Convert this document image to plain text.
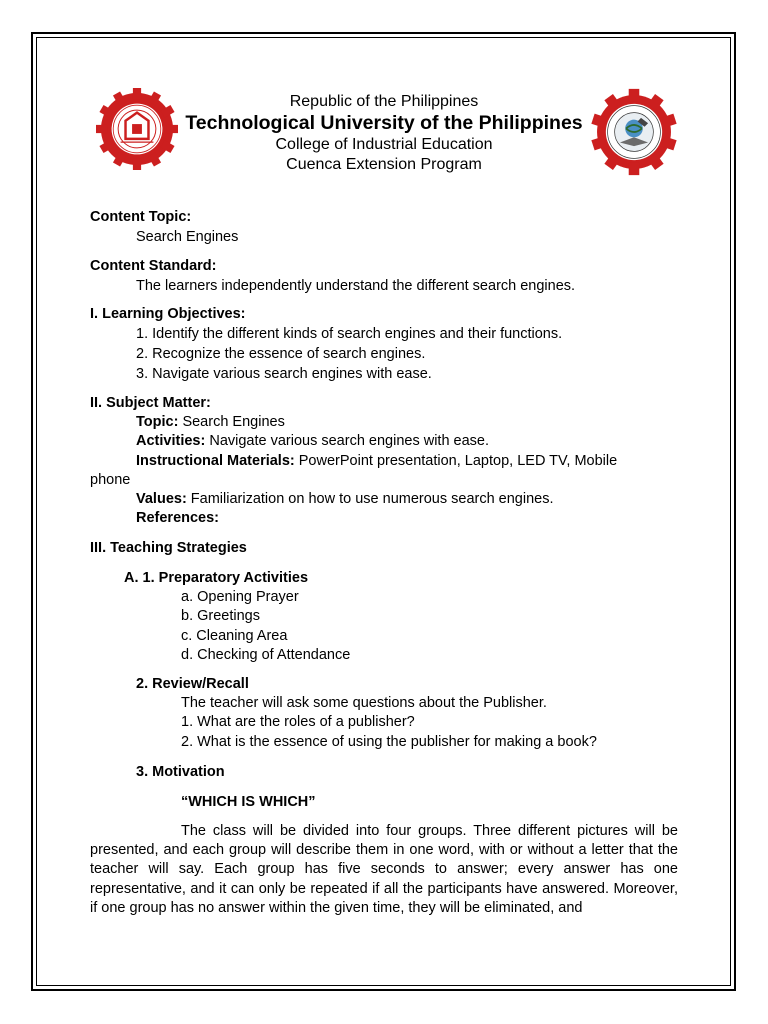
Republic of the Philippines
Technological University of the Philippines
College of Industrial Education
Cuenca Extension Program
Content Topic:
Search Engines
Content Standard:
The learners independently understand the different search engines.
I. Learning Objectives:
1. Identify the different kinds of search engines and their functions.
2. Recognize the essence of search engines.
3. Navigate various search engines with ease.
II. Subject Matter:
Topic: Search Engines
Activities: Navigate various search engines with ease.
Instructional Materials: PowerPoint presentation, Laptop, LED TV, Mobile
phone
Values: Familiarization on how to use numerous search engines.
References:
III. Teaching Strategies
A. 1. Preparatory Activities
a. Opening Prayer
b. Greetings
c. Cleaning Area
d. Checking of Attendance
2. Review/Recall
The teacher will ask some questions about the Publisher.
1. What are the roles of a publisher?
2. What is the essence of using the publisher for making a book?
3. Motivation
“WHICH IS WHICH”
The class will be divided into four groups. Three different pictures will be presented, and each group will describe them in one word, with or without a letter that the teacher will say. Each group has five seconds to answer; every answer has one representative, and it can only be repeated if all the participants have answered. Moreover, if one group has no answer within the given time, they will be eliminated, and
